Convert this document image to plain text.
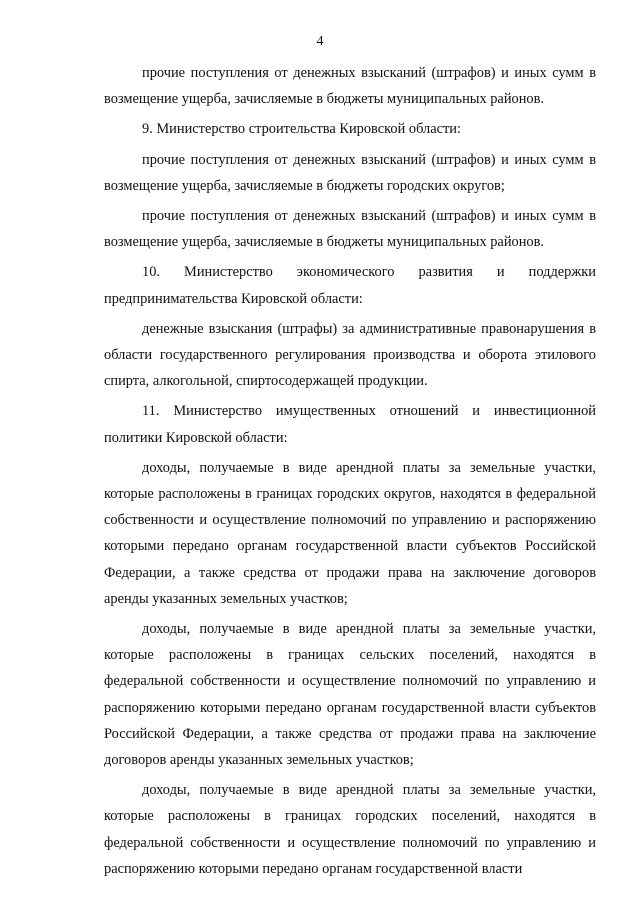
4

прочие поступления от денежных взысканий (штрафов) и иных сумм в возмещение ущерба, зачисляемые в бюджеты муниципальных районов.

9. Министерство строительства Кировской области:

прочие поступления от денежных взысканий (штрафов) и иных сумм в возмещение ущерба, зачисляемые в бюджеты городских округов;

прочие поступления от денежных взысканий (штрафов) и иных сумм в возмещение ущерба, зачисляемые в бюджеты муниципальных районов.

10. Министерство экономического развития и поддержки предпринимательства Кировской области:

денежные взыскания (штрафы) за административные правонарушения в области государственного регулирования производства и оборота этилового спирта, алкогольной, спиртосодержащей продукции.

11. Министерство имущественных отношений и инвестиционной политики Кировской области:

доходы, получаемые в виде арендной платы за земельные участки, которые расположены в границах городских округов, находятся в федеральной собственности и осуществление полномочий по управлению и распоряжению которыми передано органам государственной власти субъектов Российской Федерации, а также средства от продажи права на заключение договоров аренды указанных земельных участков;

доходы, получаемые в виде арендной платы за земельные участки, которые расположены в границах сельских поселений, находятся в федеральной собственности и осуществление полномочий по управлению и распоряжению которыми передано органам государственной власти субъектов Российской Федерации, а также средства от продажи права на заключение договоров аренды указанных земельных участков;

доходы, получаемые в виде арендной платы за земельные участки, которые расположены в границах городских поселений, находятся в федеральной собственности и осуществление полномочий по управлению и распоряжению которыми передано органам государственной власти
